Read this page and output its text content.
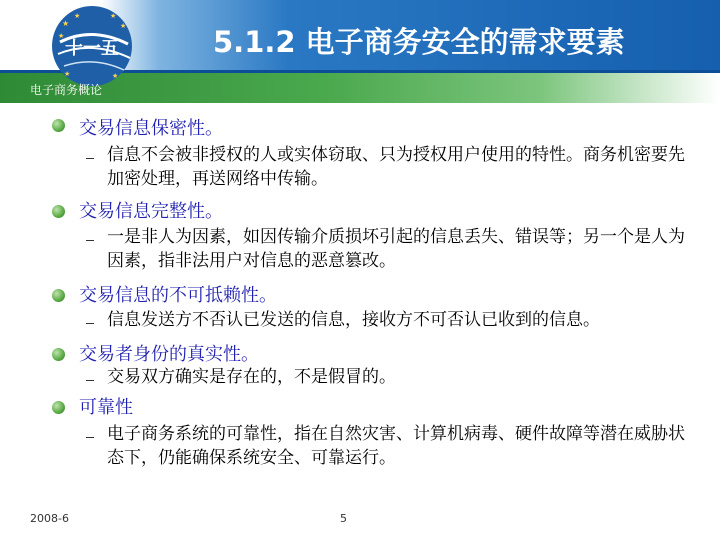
★
★
★
★
★
★	★
十一五	5.1.2 电子商务安全的需求要素
电子商务概论
交易信息保密性。
信息不会被非授权的人或实体窃取、只为授权用户使用的特性。商务机密要先加密处理，再送网络中传输。
交易信息完整性。
一是非人为因素，如因传输介质损坏引起的信息丢失、错误等；另一个是人为因素，指非法用户对信息的恶意篡改。
交易信息的不可抵赖性。
信息发送方不否认已发送的信息，接收方不可否认已收到的信息。
交易者身份的真实性。
交易双方确实是存在的，不是假冒的。
可靠性
电子商务系统的可靠性，指在自然灾害、计算机病毒、硬件故障等潜在威胁状态下，仍能确保系统安全、可靠运行。
2008-6	5
